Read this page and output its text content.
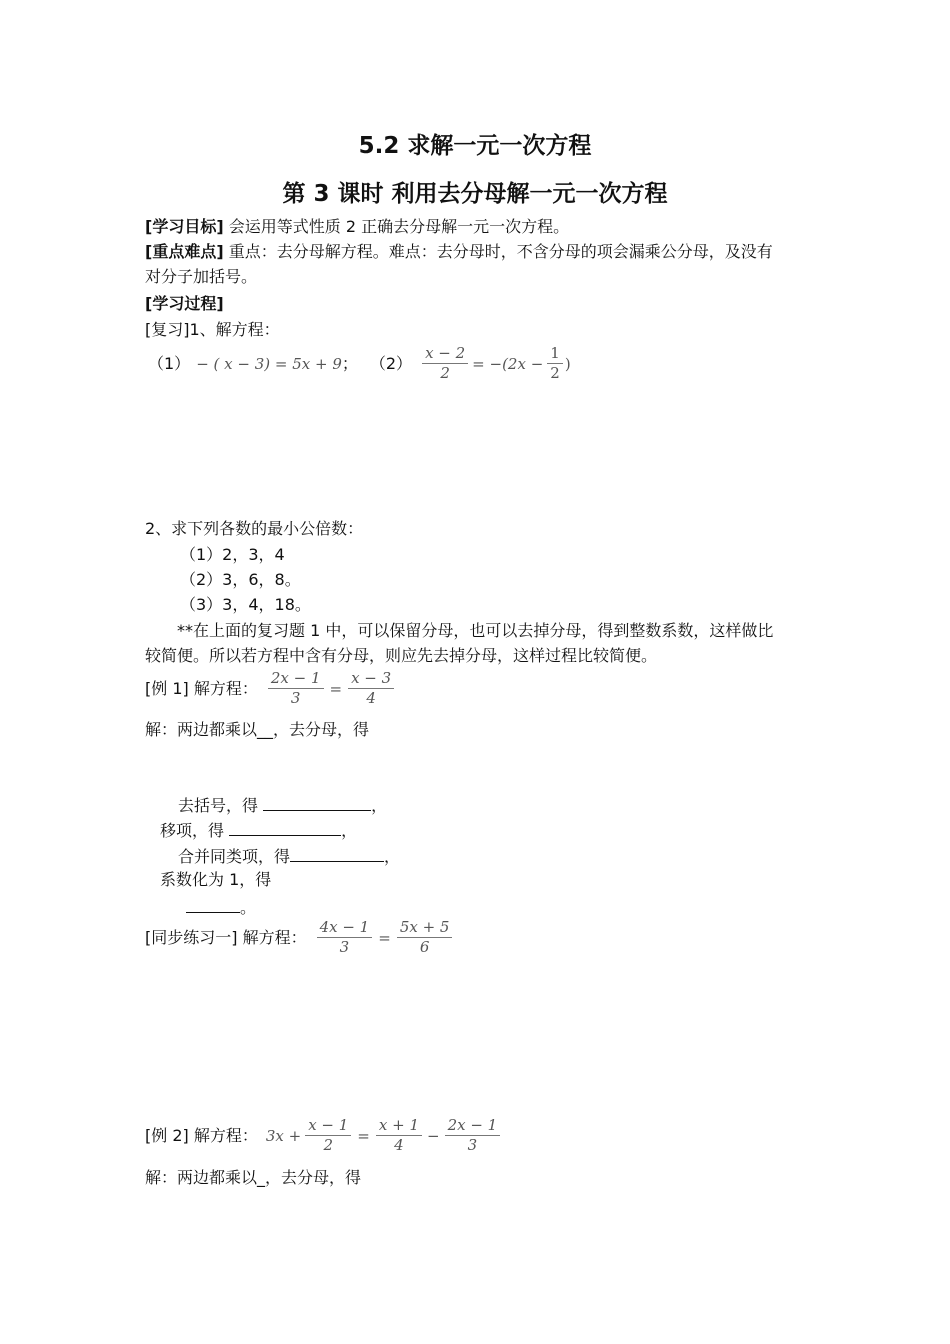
5.2 求解一元一次方程
第 3 课时 利用去分母解一元一次方程
[学习目标] 会运用等式性质 2 正确去分母解一元一次方程。
[重点难点] 重点：去分母解方程。难点：去分母时，不含分母的项会漏乘公分母，及没有
对分子加括号。
[学习过程]
[复习]1、解方程：
（1） − ( x − 3) = 5x + 9 ； $(2) \frac{x - 2}{2} = -(2x - \frac{1}{2}$ )
2、求下列各数的最小公倍数：
（1）2，3，4
（2）3，6，8。
（3）3，4，18。
**在上面的复习题 1 中，可以保留分母，也可以去掉分母，得到整数系数，这样做比
较简便。所以若方程中含有分母，则应先去掉分母，这样过程比较简便。
[例 1] 解方程： $\frac{2x - 1}{3} = \frac{x - 3}{4}$
解：两边都乘以__，去分母，得
去括号，得	，
移项，得	，
合并同类项，得	，
系数化为 1，得
。
[同步练习一] 解方程： $\frac{4x - 1}{3} = \frac{5x + 5}{6}$
[例 2] 解方程： $3x + \frac{x - 1}{2} = \frac{x + 1}{4} - \frac{2x - 1}{3}$
解：两边都乘以_，去分母，得
